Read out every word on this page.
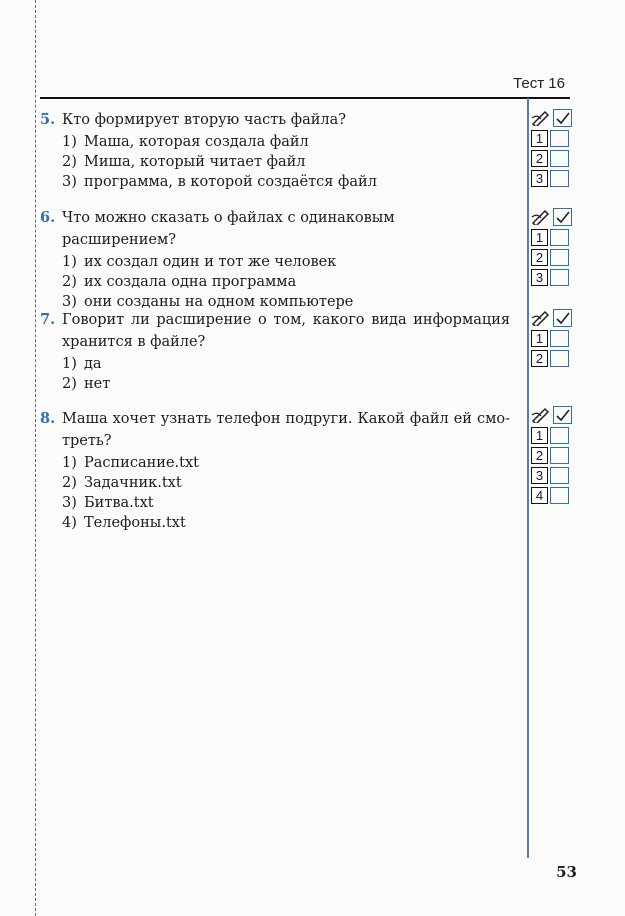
Тест 16
5. Кто формирует вторую часть файла?
1) Маша, которая создала файл
2) Миша, который читает файл
3) программа, в которой создаётся файл
1
2
3
6. Что можно сказать о файлах с одинаковым расширением?
1) их создал один и тот же человек
2) их создала одна программа
3) они созданы на одном компьютере
1
2
3
7. Говорит ли расширение о том, какого вида информация
хранится в файле?
1) да
2) нет
1
2
8. Маша хочет узнать телефон подруги. Какой файл ей смо-
треть?
1) Расписание.txt
2) Задачник.txt
3) Битва.txt
4) Телефоны.txt
1
2
3
4
53
